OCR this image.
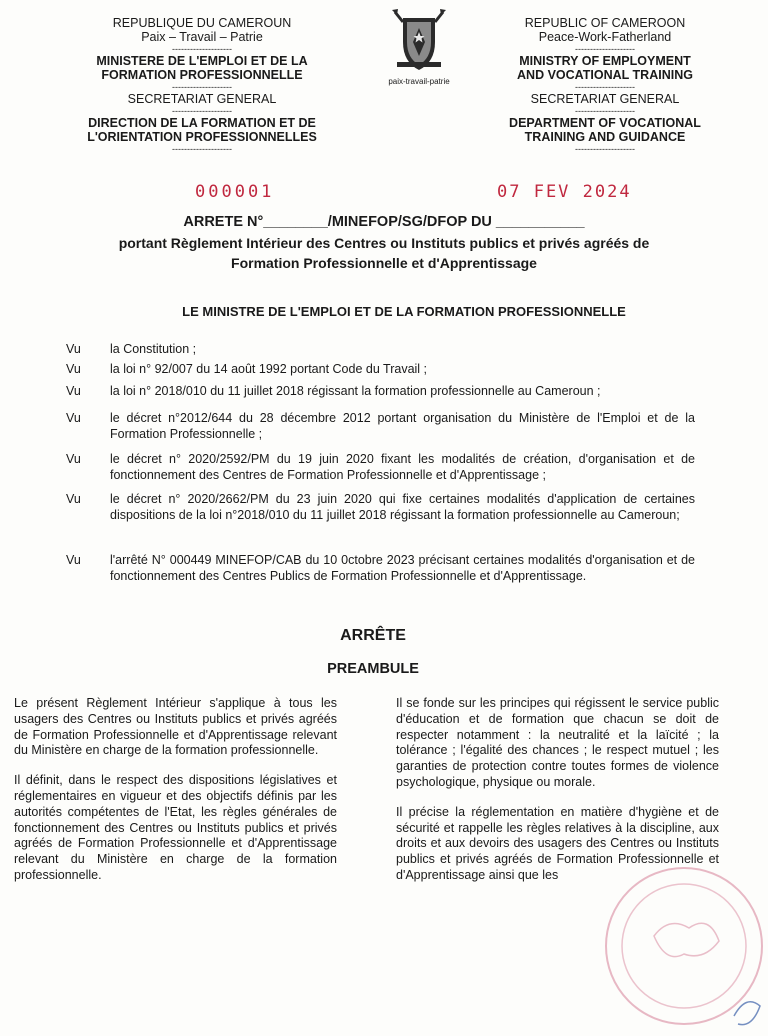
REPUBLIQUE DU CAMEROUN
Paix – Travail – Patrie
--------------------
MINISTERE DE L'EMPLOI ET DE LA
FORMATION PROFESSIONNELLE
--------------------
SECRETARIAT GENERAL
--------------------
DIRECTION DE LA FORMATION ET DE
L'ORIENTATION PROFESSIONNELLES
--------------------
paix-travail-patrie
REPUBLIC OF CAMEROON
Peace-Work-Fatherland
--------------------
MINISTRY OF EMPLOYMENT
AND VOCATIONAL TRAINING
--------------------
SECRETARIAT GENERAL
--------------------
DEPARTMENT OF VOCATIONAL
TRAINING AND GUIDANCE
--------------------
000001	07 FEV 2024
ARRETE N°________/MINEFOP/SG/DFOP DU ___________
portant Règlement Intérieur des Centres ou Instituts publics et privés agréés de
Formation Professionnelle et d'Apprentissage
LE MINISTRE DE L'EMPLOI ET DE LA FORMATION PROFESSIONNELLE
Vu la Constitution ;
Vu la loi n° 92/007 du 14 août 1992 portant Code du Travail ;
Vu la loi n° 2018/010 du 11 juillet 2018 régissant la formation professionnelle au Cameroun ;
Vu le décret n°2012/644 du 28 décembre 2012 portant organisation du Ministère de l'Emploi et de la Formation Professionnelle ;
Vu le décret n° 2020/2592/PM du 19 juin 2020 fixant les modalités de création, d'organisation et de fonctionnement des Centres de Formation Professionnelle et d'Apprentissage ;
Vu le décret n° 2020/2662/PM du 23 juin 2020 qui fixe certaines modalités d'application de certaines dispositions de la loi n°2018/010 du 11 juillet 2018 régissant la formation professionnelle au Cameroun;
Vu l'arrêté N° 000449 MINEFOP/CAB du 10 0ctobre 2023 précisant certaines modalités d'organisation et de fonctionnement des Centres Publics de Formation Professionnelle et d'Apprentissage.
ARRÊTE
PREAMBULE

Le présent Règlement Intérieur s'applique à tous les usagers des Centres ou Instituts publics et privés agréés de Formation Professionnelle et d'Apprentissage relevant du Ministère en charge de la formation professionnelle.

Il définit, dans le respect des dispositions législatives et réglementaires en vigueur et des objectifs définis par les autorités compétentes de l'Etat, les règles générales de fonctionnement des Centres ou Instituts publics et privés agréés de Formation Professionnelle et d'Apprentissage relevant du Ministère en charge de la formation professionnelle.

Il se fonde sur les principes qui régissent le service public d'éducation et de formation que chacun se doit de respecter notamment : la neutralité et la laïcité ; la tolérance ; l'égalité des chances ; le respect mutuel ; les garanties de protection contre toutes formes de violence psychologique, physique ou morale.

Il précise la réglementation en matière d'hygiène et de sécurité et rappelle les règles relatives à la discipline, aux droits et aux devoirs des usagers des Centres ou Instituts publics et privés agréés de Formation Professionnelle et d'Apprentissage ainsi que les
